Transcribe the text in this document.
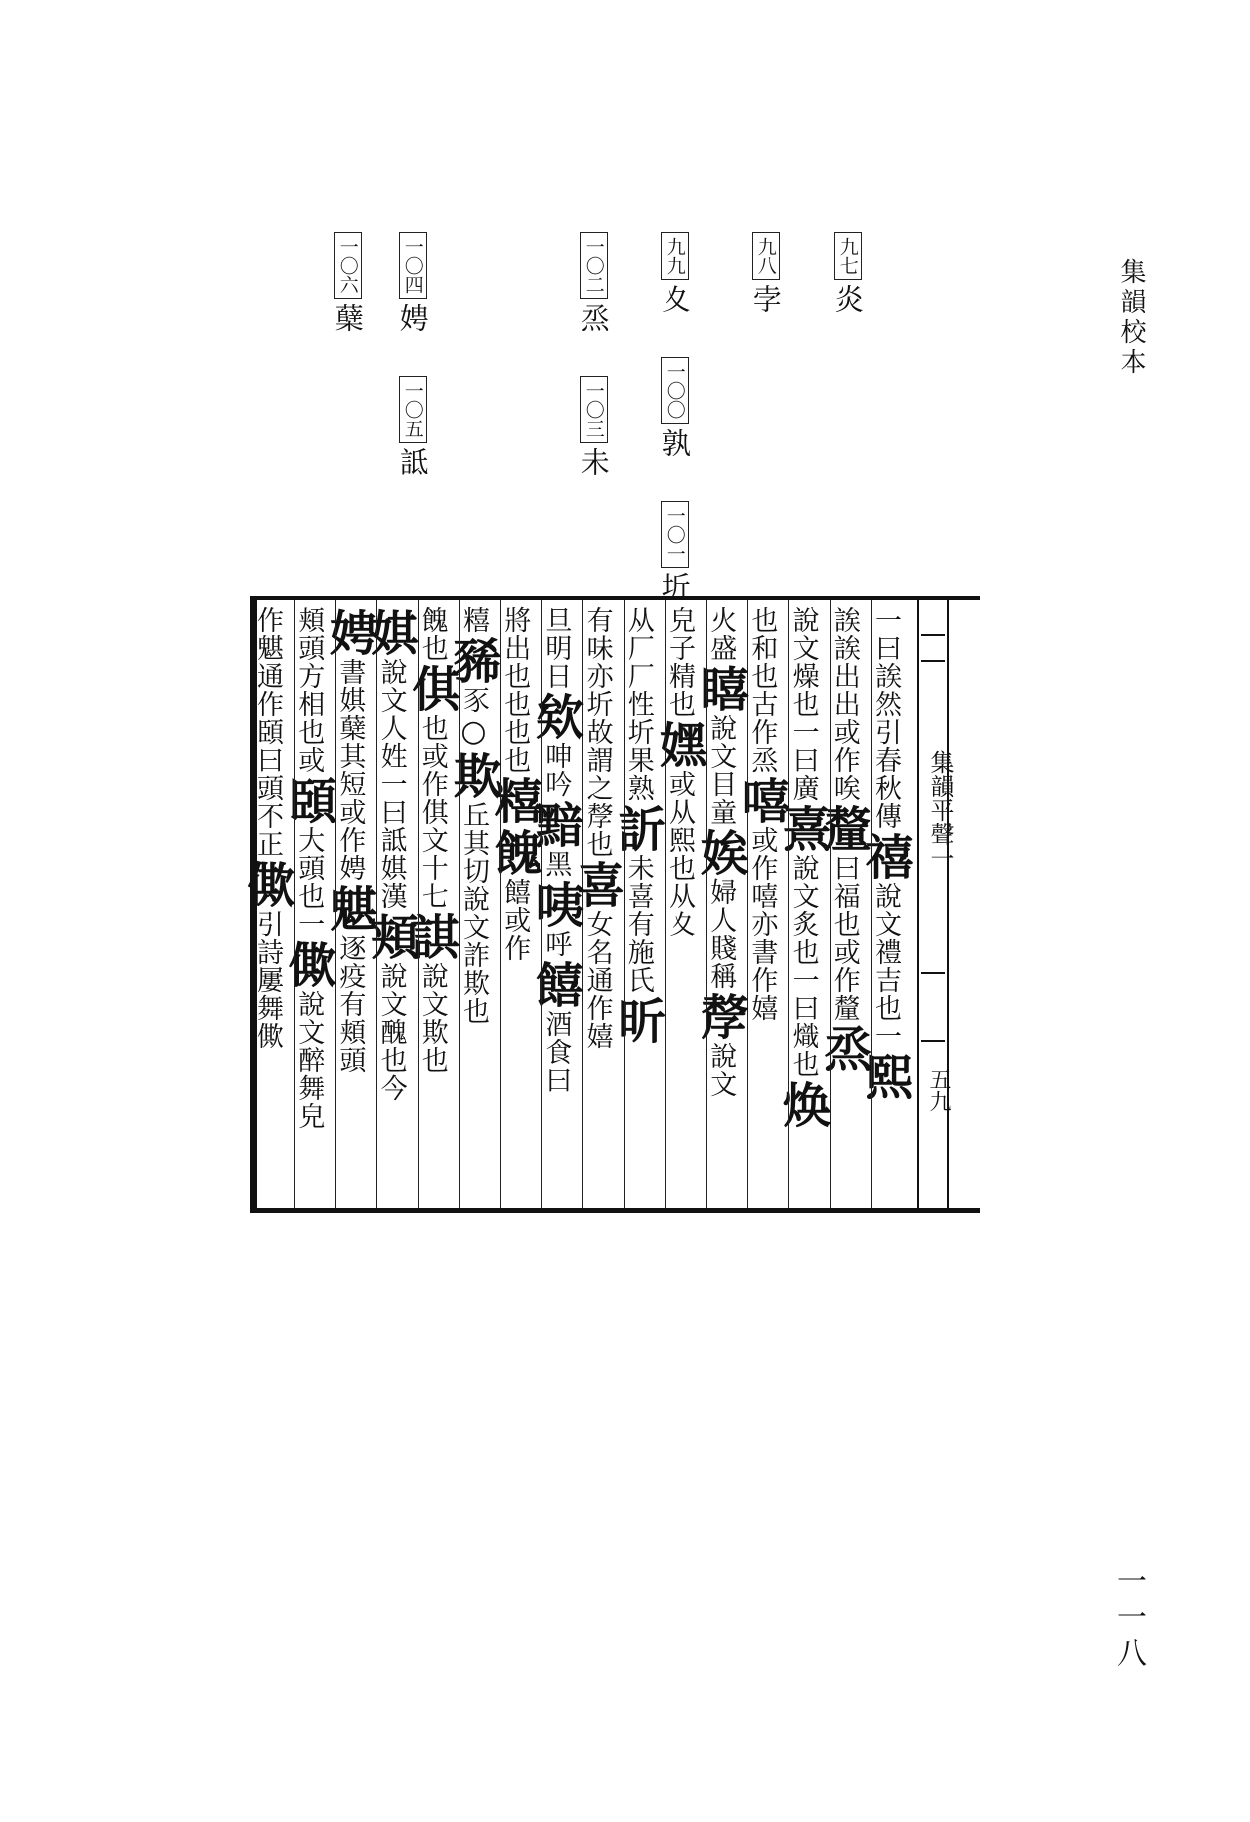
集韻校本
一一八
九七炎
九八孛
九九夊 一〇〇孰 一〇一圻
一〇二烝 一〇三未
一〇四娉 一〇五詆
一〇六蘖
集韻平聲一
五九
一曰誒然引春秋傳禧說文禮吉也一熙
誒誒出出或作唉釐曰福也或作釐烝
說文燥也一曰廣熹說文炙也一曰熾也焕
也和也古作烝嘻或作嘻亦書作嬉
火盛瞦說文目童娭婦人賤稱孷說文
皃子精也嫼或从熙也从夊
从厂厂性圻果熟訢未喜有施氏昕
有味亦圻故謂之孷也喜女名通作嬉
旦明日欸呻吟黯黑咦呼饎酒食曰
將出也也也也糦餽饎或作
糦豨豕○欺丘其切說文詐欺也
餽也倛也或作倛文十七諆說文欺也
娸說文人姓一曰詆娸漢頬說文醜也今
娉書娸蘖其短或作娉魌逐疫有頬頭
頬頭方相也或頣大頭也一僛說文醉舞皃
作魌通作頣曰頭不正僛引詩屢舞僛
